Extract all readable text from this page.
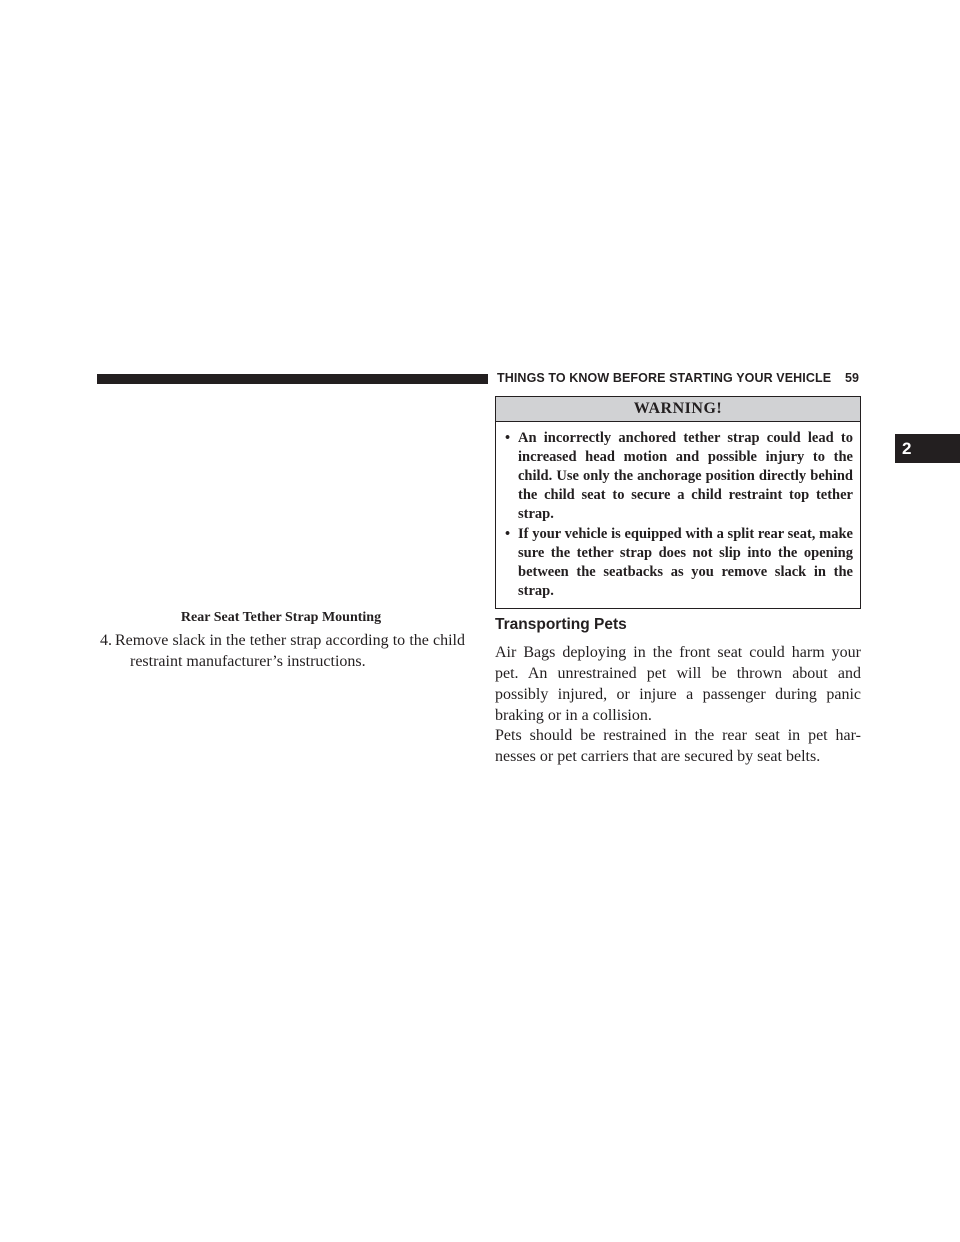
THINGS TO KNOW BEFORE STARTING YOUR VEHICLE 59
2
Rear Seat Tether Strap Mounting
4. Remove slack in the tether strap according to the child restraint manufacturer’s instructions.
WARNING!
• An incorrectly anchored tether strap could lead to increased head motion and possible injury to the child. Use only the anchorage position directly behind the child seat to secure a child restraint top tether strap.
• If your vehicle is equipped with a split rear seat, make sure the tether strap does not slip into the opening between the seatbacks as you remove slack in the strap.
Transporting Pets

Air Bags deploying in the front seat could harm your pet. An unrestrained pet will be thrown about and possibly injured, or injure a passenger during panic braking or in a collision.

Pets should be restrained in the rear seat in pet har-nesses or pet carriers that are secured by seat belts.
